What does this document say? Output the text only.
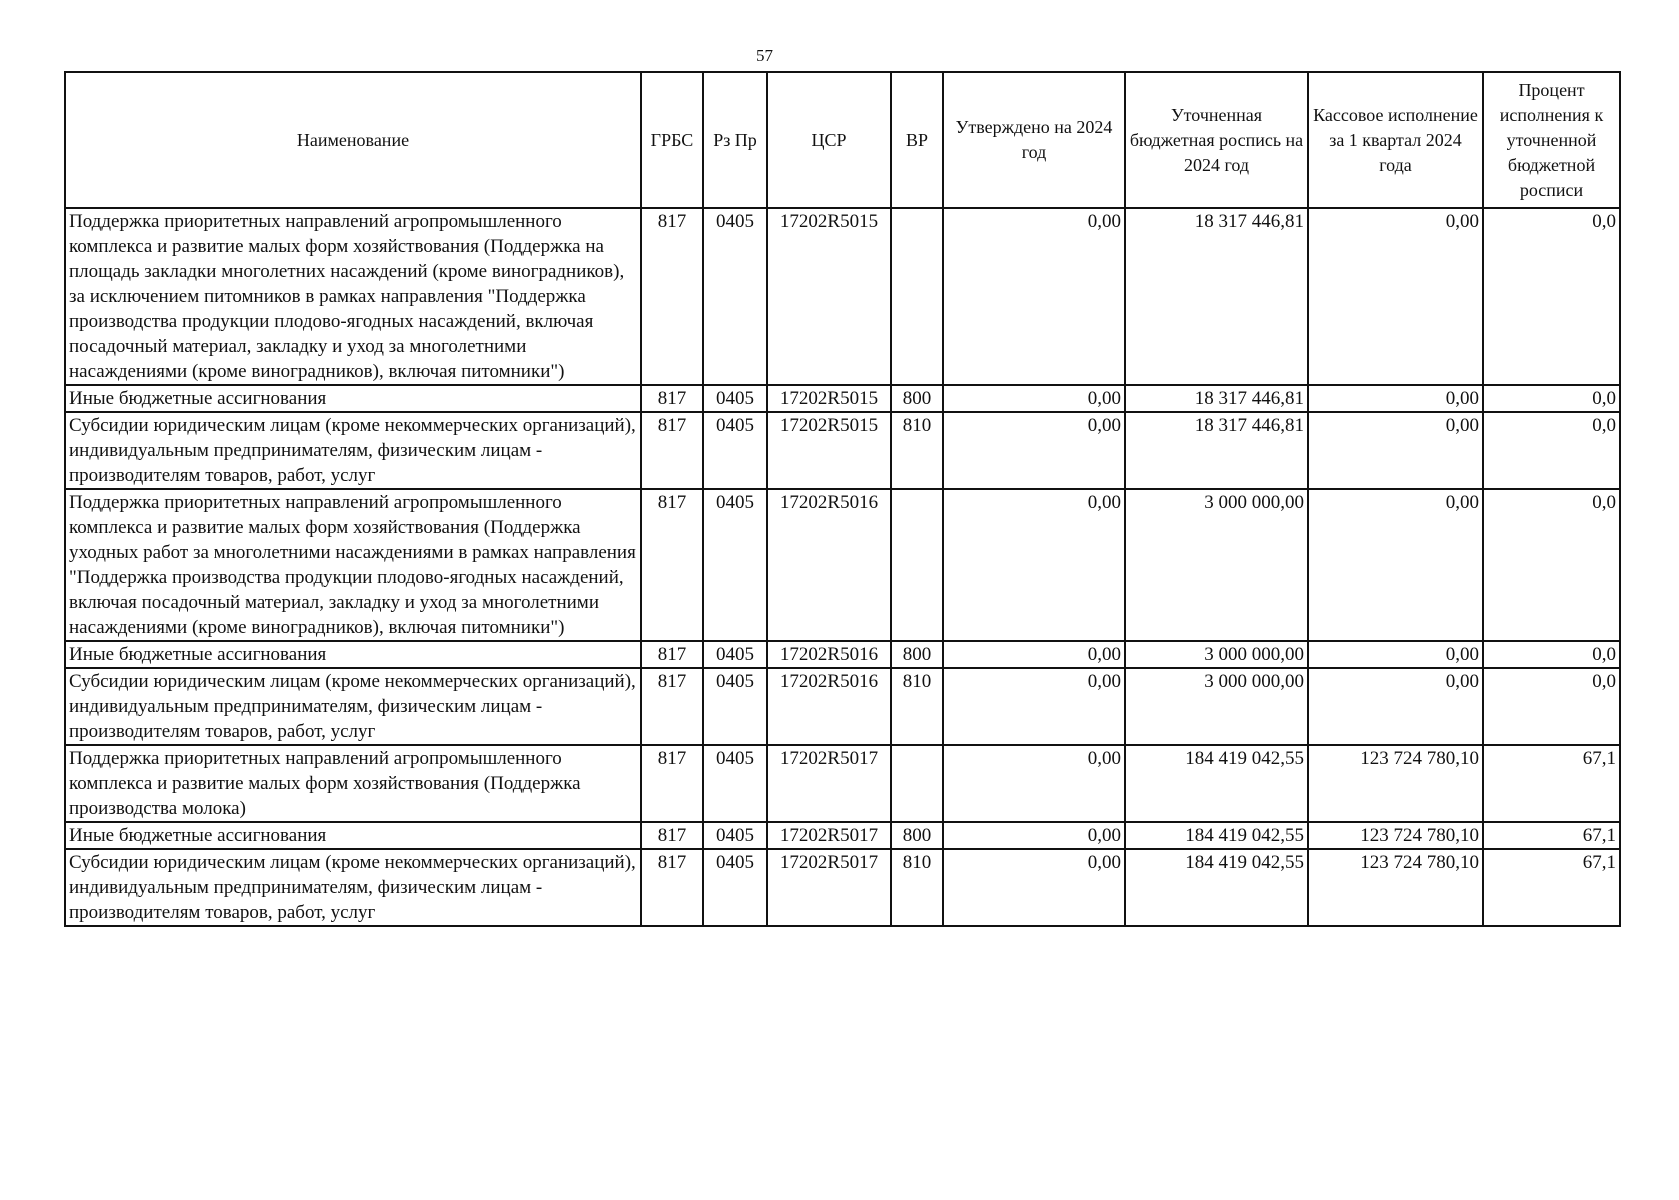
57
Наименование	ГРБС	Рз Пр	ЦСР	ВР	Утверждено на 2024 год	Уточненная бюджетная роспись на 2024 год	Кассовое исполнение за 1 квартал 2024 года	Процент исполнения к уточненной бюджетной росписи
Поддержка приоритетных направлений агропромышленного комплекса и развитие малых форм хозяйствования (Поддержка на площадь закладки многолетних насаждений (кроме виноградников), за исключением питомников в рамках направления "Поддержка производства продукции плодово-ягодных насаждений, включая посадочный материал, закладку и уход за многолетними насаждениями (кроме виноградников), включая питомники")	817	0405	17202R5015		0,00	18 317 446,81	0,00	0,0
Иные бюджетные ассигнования	817	0405	17202R5015	800	0,00	18 317 446,81	0,00	0,0
Субсидии юридическим лицам (кроме некоммерческих организаций), индивидуальным предпринимателям, физическим лицам - производителям товаров, работ, услуг	817	0405	17202R5015	810	0,00	18 317 446,81	0,00	0,0
Поддержка приоритетных направлений агропромышленного комплекса и развитие малых форм хозяйствования (Поддержка уходных работ за многолетними насаждениями в рамках направления "Поддержка производства продукции плодово-ягодных насаждений, включая посадочный материал, закладку и уход за многолетними насаждениями (кроме виноградников), включая питомники")	817	0405	17202R5016		0,00	3 000 000,00	0,00	0,0
Иные бюджетные ассигнования	817	0405	17202R5016	800	0,00	3 000 000,00	0,00	0,0
Субсидии юридическим лицам (кроме некоммерческих организаций), индивидуальным предпринимателям, физическим лицам - производителям товаров, работ, услуг	817	0405	17202R5016	810	0,00	3 000 000,00	0,00	0,0
Поддержка приоритетных направлений агропромышленного комплекса и развитие малых форм хозяйствования (Поддержка производства молока)	817	0405	17202R5017		0,00	184 419 042,55	123 724 780,10	67,1
Иные бюджетные ассигнования	817	0405	17202R5017	800	0,00	184 419 042,55	123 724 780,10	67,1
Субсидии юридическим лицам (кроме некоммерческих организаций), индивидуальным предпринимателям, физическим лицам - производителям товаров, работ, услуг	817	0405	17202R5017	810	0,00	184 419 042,55	123 724 780,10	67,1
